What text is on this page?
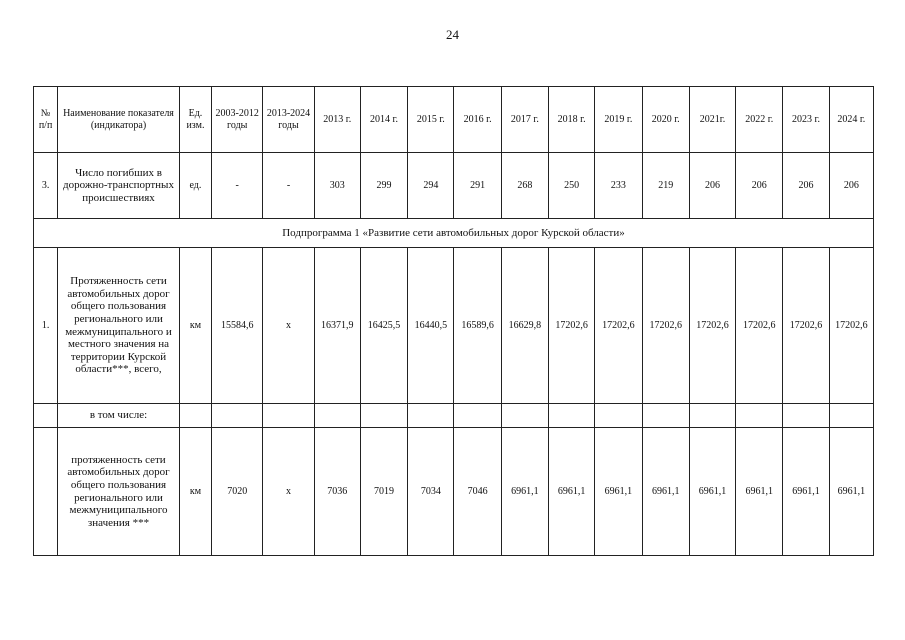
24
№ п/п	Наименование показателя (индикатора)	Ед. изм.	2003-2012 годы	2013-2024 годы	2013 г.	2014 г.	2015 г.	2016 г.	2017 г.	2018 г.	2019 г.	2020 г.	2021г.	2022 г.	2023 г.	2024 г.
3.	Число погибших в дорожно-транспортных происшествиях	ед.	-	-	303	299	294	291	268	250	233	219	206	206	206	206
Подпрограмма 1 «Развитие сети автомобильных дорог Курской области»																
1.	Протяженность сети автомобильных дорог общего пользования регионального или межмуниципального и местного значения на территории Курской области***, всего,	км	15584,6	x	16371,9	16425,5	16440,5	16589,6	16629,8	17202,6	17202,6	17202,6	17202,6	17202,6	17202,6	17202,6
	в том числе:															
	протяженность сети автомобильных дорог общего пользования регионального или межмуниципального значения ***	км	7020	x	7036	7019	7034	7046	6961,1	6961,1	6961,1	6961,1	6961,1	6961,1	6961,1	6961,1
